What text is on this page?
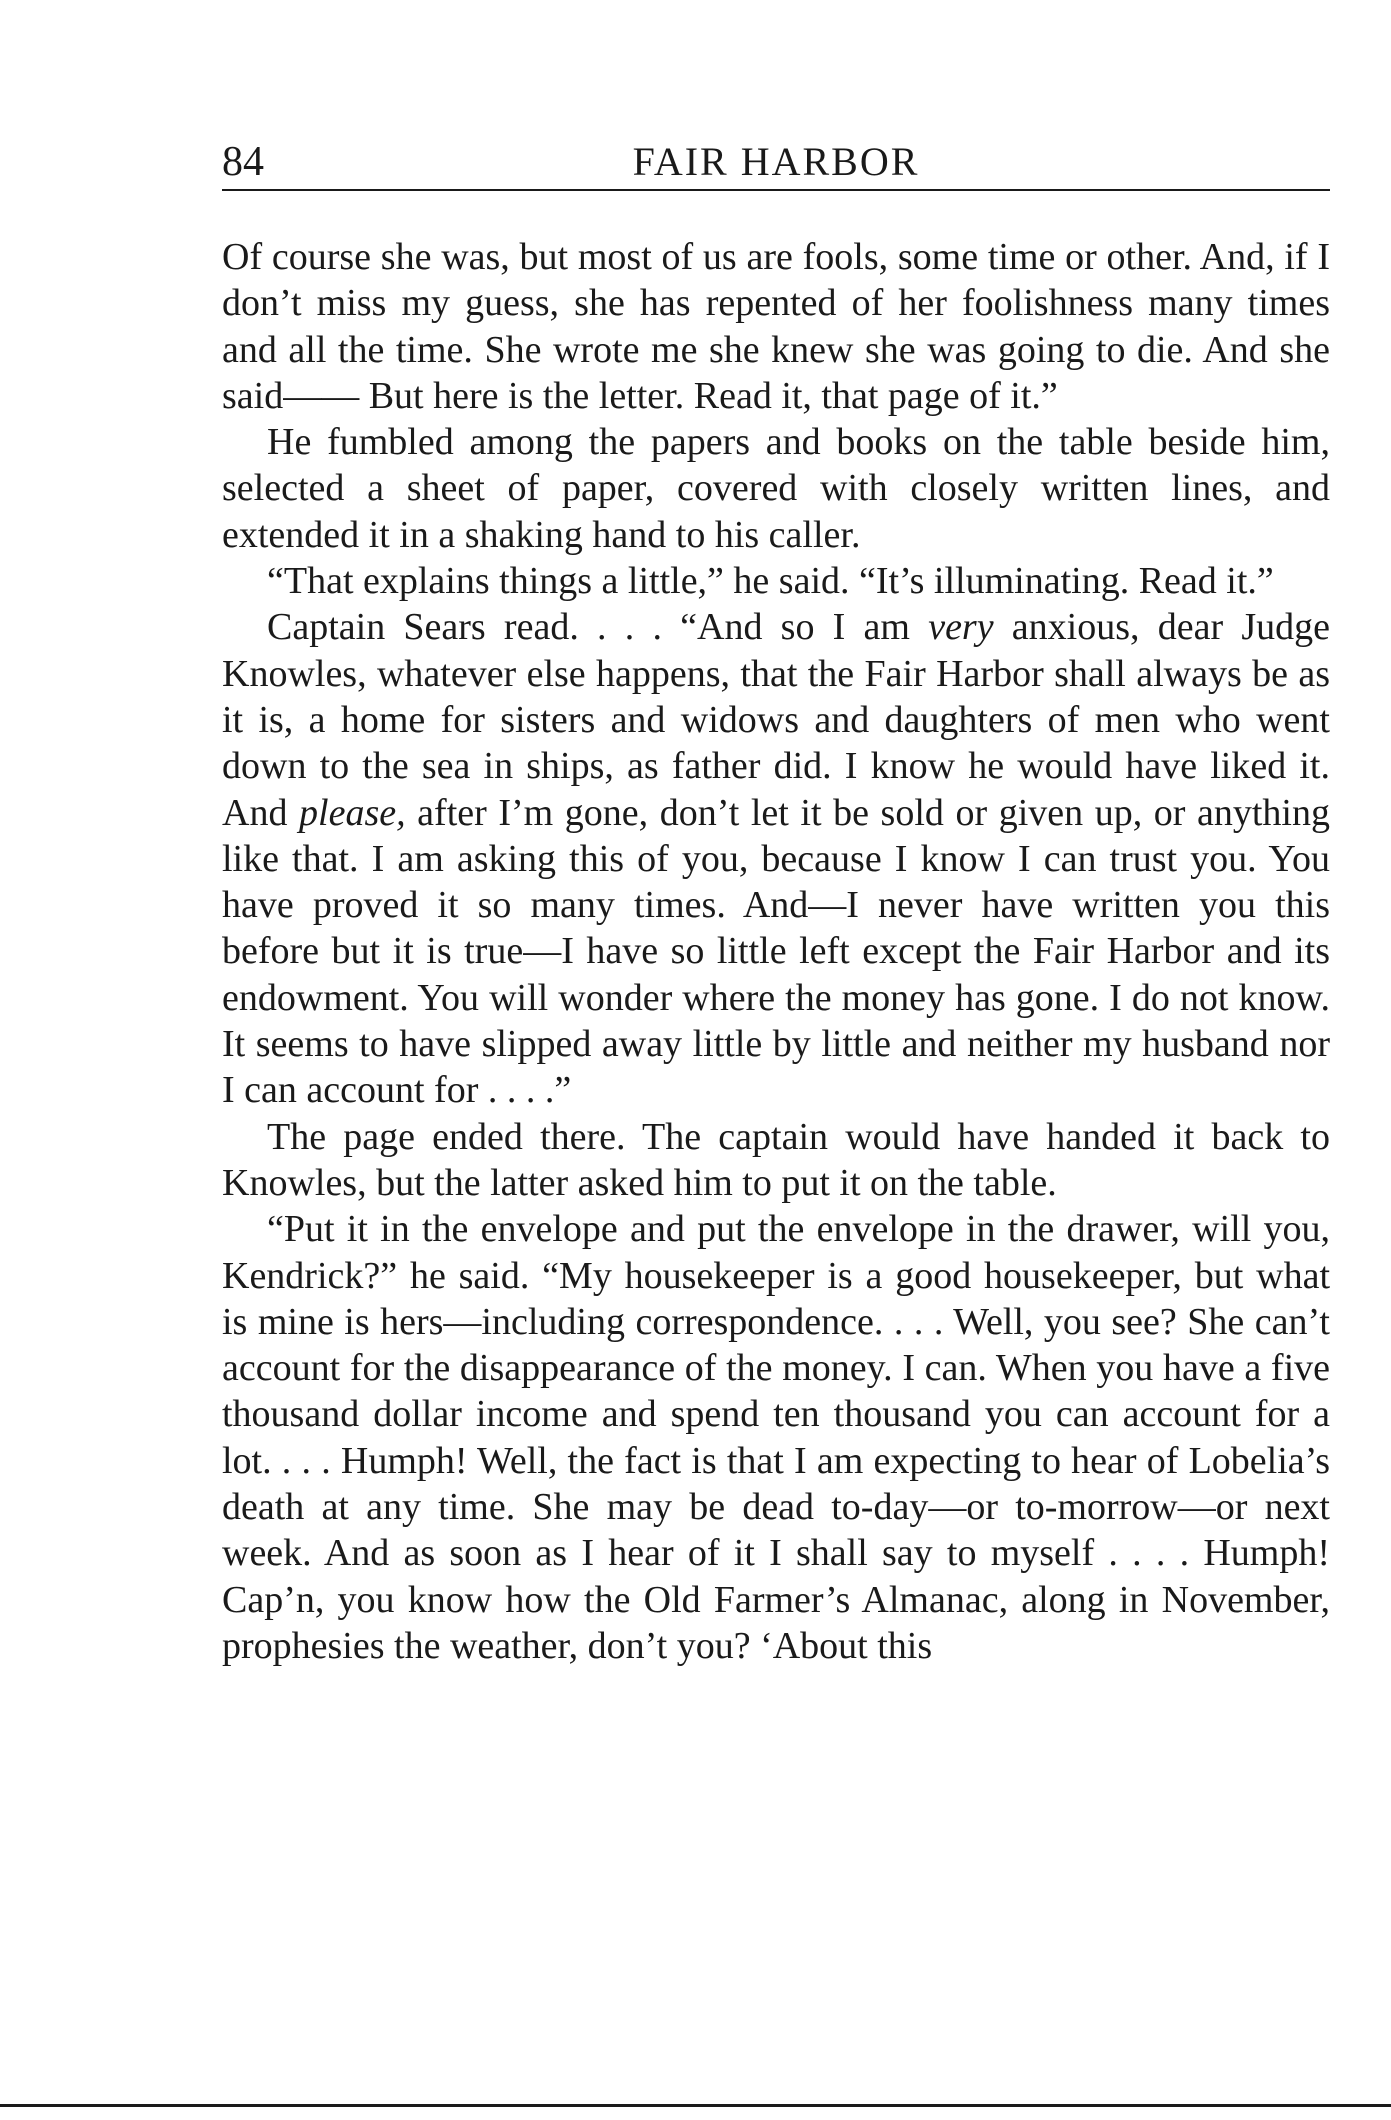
84	FAIR HARBOR

Of course she was, but most of us are fools, some time or other. And, if I don’t miss my guess, she has repented of her foolishness many times and all the time. She wrote me she knew she was going to die. And she said—— But here is the letter. Read it, that page of it.”

He fumbled among the papers and books on the table beside him, selected a sheet of paper, covered with closely written lines, and extended it in a shaking hand to his caller.

“That explains things a little,” he said. “It’s illuminating. Read it.”

Captain Sears read. . . . “And so I am very anxious, dear Judge Knowles, whatever else happens, that the Fair Harbor shall always be as it is, a home for sisters and widows and daughters of men who went down to the sea in ships, as father did. I know he would have liked it. And please, after I’m gone, don’t let it be sold or given up, or anything like that. I am asking this of you, because I know I can trust you. You have proved it so many times. And—I never have written you this before but it is true—I have so little left except the Fair Harbor and its endowment. You will wonder where the money has gone. I do not know. It seems to have slipped away little by little and neither my husband nor I can account for . . . .”

The page ended there. The captain would have handed it back to Knowles, but the latter asked him to put it on the table.

“Put it in the envelope and put the envelope in the drawer, will you, Kendrick?” he said. “My housekeeper is a good housekeeper, but what is mine is hers—including correspondence. . . . Well, you see? She can’t account for the disappearance of the money. I can. When you have a five thousand dollar income and spend ten thousand you can account for a lot. . . . Humph! Well, the fact is that I am expecting to hear of Lobelia’s death at any time. She may be dead to-day—or to-morrow—or next week. And as soon as I hear of it I shall say to myself . . . . Humph! Cap’n, you know how the Old Farmer’s Almanac, along in November, prophesies the weather, don’t you? ‘About this
